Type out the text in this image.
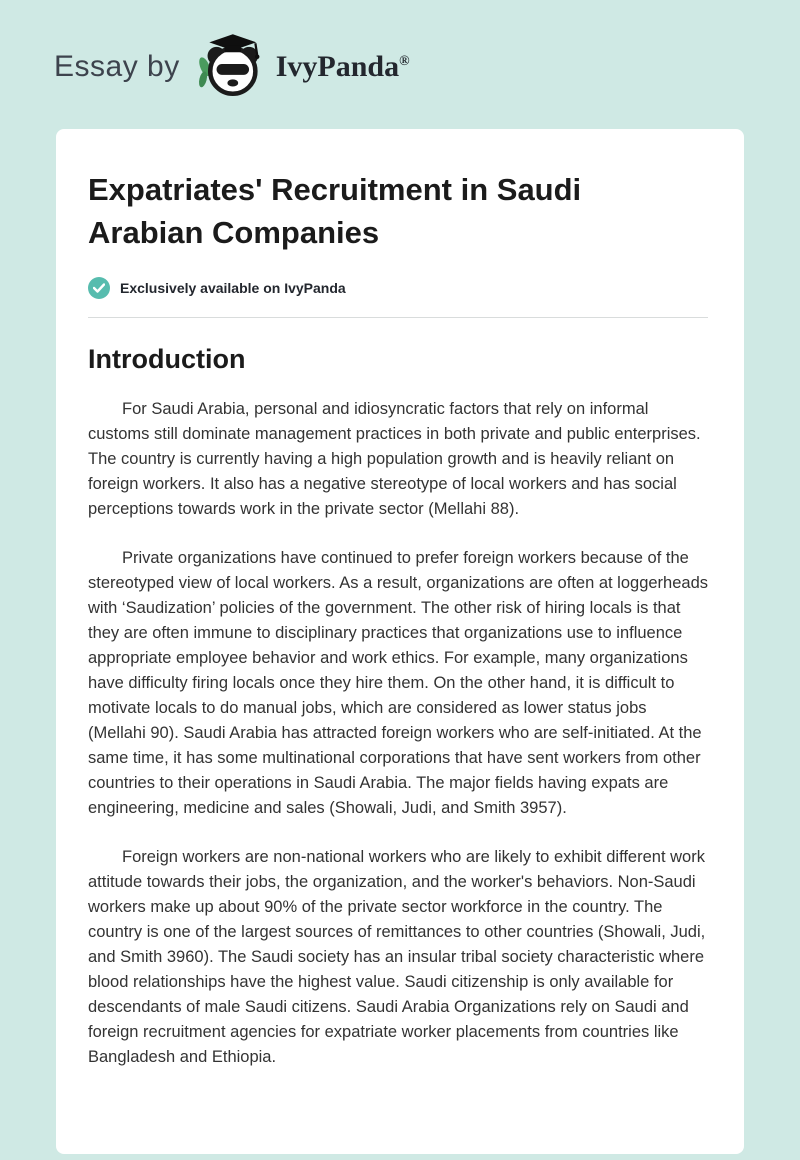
Essay by	IvyPanda®
Expatriates' Recruitment in Saudi Arabian Companies
Exclusively available on IvyPanda
Introduction

For Saudi Arabia, personal and idiosyncratic factors that rely on informal customs still dominate management practices in both private and public enterprises. The country is currently having a high population growth and is heavily reliant on foreign workers. It also has a negative stereotype of local workers and has social perceptions towards work in the private sector (Mellahi 88).

Private organizations have continued to prefer foreign workers because of the stereotyped view of local workers. As a result, organizations are often at loggerheads with ‘Saudization’ policies of the government. The other risk of hiring locals is that they are often immune to disciplinary practices that organizations use to influence appropriate employee behavior and work ethics. For example, many organizations have difficulty firing locals once they hire them. On the other hand, it is difficult to motivate locals to do manual jobs, which are considered as lower status jobs (Mellahi 90). Saudi Arabia has attracted foreign workers who are self-initiated. At the same time, it has some multinational corporations that have sent workers from other countries to their operations in Saudi Arabia. The major fields having expats are engineering, medicine and sales (Showali, Judi, and Smith 3957).

Foreign workers are non-national workers who are likely to exhibit different work attitude towards their jobs, the organization, and the worker's behaviors. Non-Saudi workers make up about 90% of the private sector workforce in the country. The country is one of the largest sources of remittances to other countries (Showali, Judi, and Smith 3960). The Saudi society has an insular tribal society characteristic where blood relationships have the highest value. Saudi citizenship is only available for descendants of male Saudi citizens. Saudi Arabia Organizations rely on Saudi and foreign recruitment agencies for expatriate worker placements from countries like Bangladesh and Ethiopia.
